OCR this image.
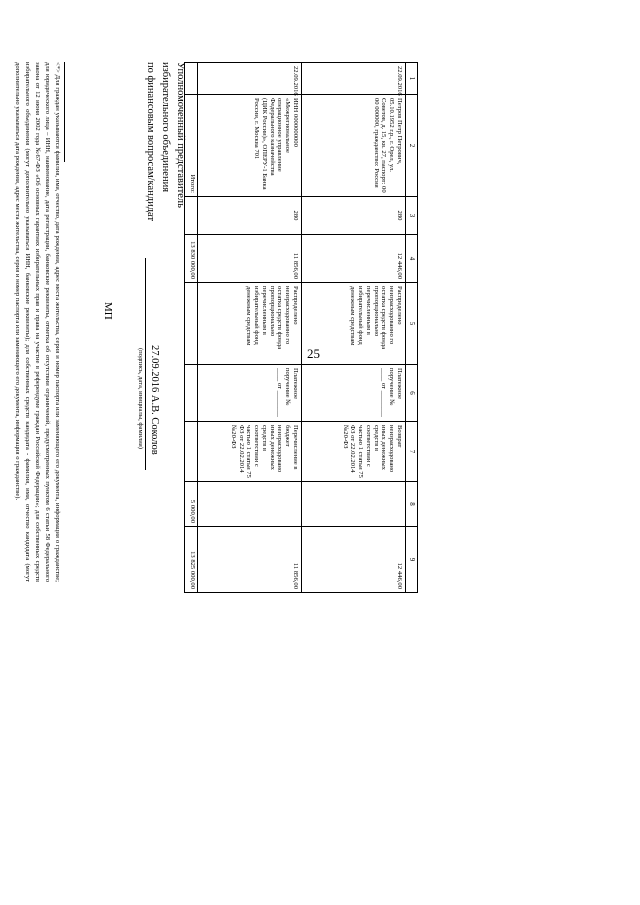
25
1	2	3	4	5	6	7	8	9
22.09.2016	Петров Петр Петрович, 05.10.1952 г.р., г. Орел, ул. Советов, д. 15, кв. 27, паспорт: 00 00 000000, гражданство: Россия	280	12 446,00	Распределено неизрасходованно го остатка средств фонда пропорционально перечисленным в избирательный фонд денежным средствам	Платежное поручение № ____ от ________	Возврат неизрасходовано иных денежных средств в соответствии с частью 1 статьи 75 ФЗ от 22.02.2014 №20-ФЗ		12 446,00
22.09.2016	ИНН 0000000000 «Межрегиональное операционное управление Федерального казначейства (ЦИК России)», ОПЕРУ-1 Банка России, г. Москва 701	280	11 856,00	Распределено неизрасходованно го остатка средств фонда пропорционально перечисленным в избирательный фонд денежным средствам	Платежное поручение № ____ от ________	Перечисление в бюджет неизрасходовано иных денежных средств в соответствии с частью 1 статьи 75 ФЗ от 22.02.2014 №20-ФЗ		11 856,00
	Итого:		13 830 000,00				5 000,00	13 825 000,00
Уполномоченный представитель
избирательного объединения
по финансовым вопросам/кандидат
27.09.2016 А.В. Соколов
(подпись, дата, инициалы, фамилия)
МП
<*> Для граждан указываются фамилия, имя, отчество, дата рождения, адрес места жительства, серия и номер паспорта или заменяющего его документа, информация о гражданстве; для юридического лица – ИНН, наименование, дата регистрации, банковские реквизиты, отметка об отсутствии ограничений, предусмотренных пунктом 6 статьи 58 Федерального закона от 12 июня 2002 года №67-ФЗ «Об основных гарантиях избирательных прав и права на участие в референдуме граждан Российской Федерации»; для собственных средств избирательного объединения (могут дополнительно указываться ИНН, банковские реквизиты); для собственных средств кандидата - фамилия, имя, отчество кандидата (могут дополнительно указываться дата рождения, адрес места жительства, серия и номер паспорта или заменяющего его документа, информация о гражданстве).
